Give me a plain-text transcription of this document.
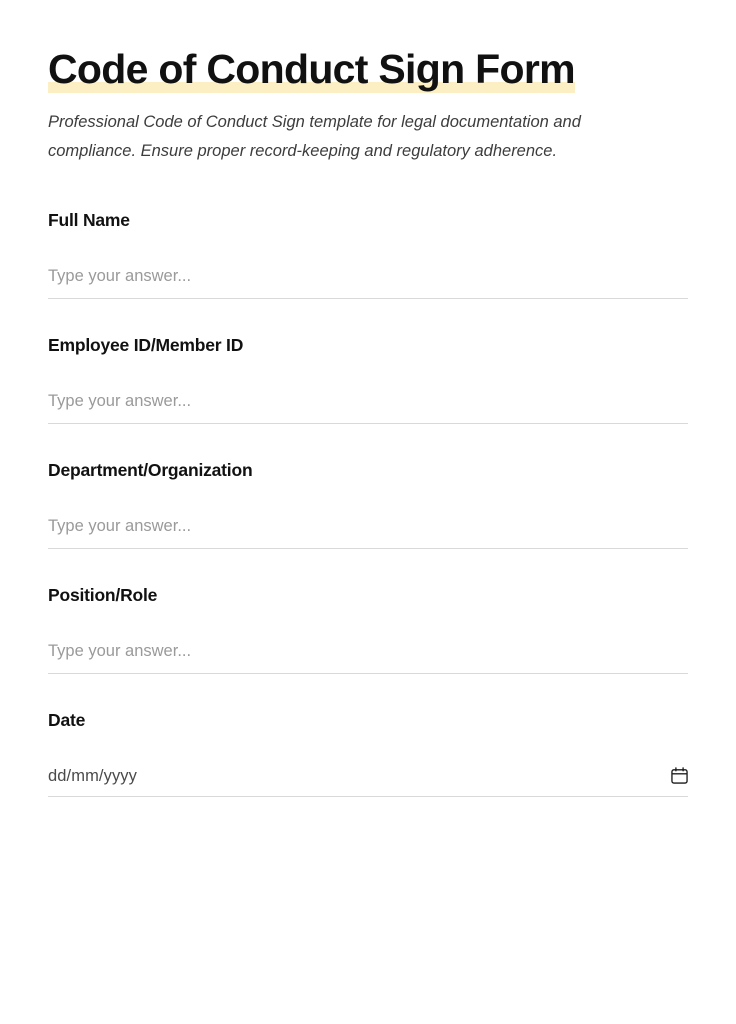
Code of Conduct Sign Form

Professional Code of Conduct Sign template for legal documentation and compliance. Ensure proper record-keeping and regulatory adherence.

Full Name
Type your answer...
Employee ID/Member ID
Type your answer...
Department/Organization
Type your answer...
Position/Role
Type your answer...
Date
dd/mm/yyyy
